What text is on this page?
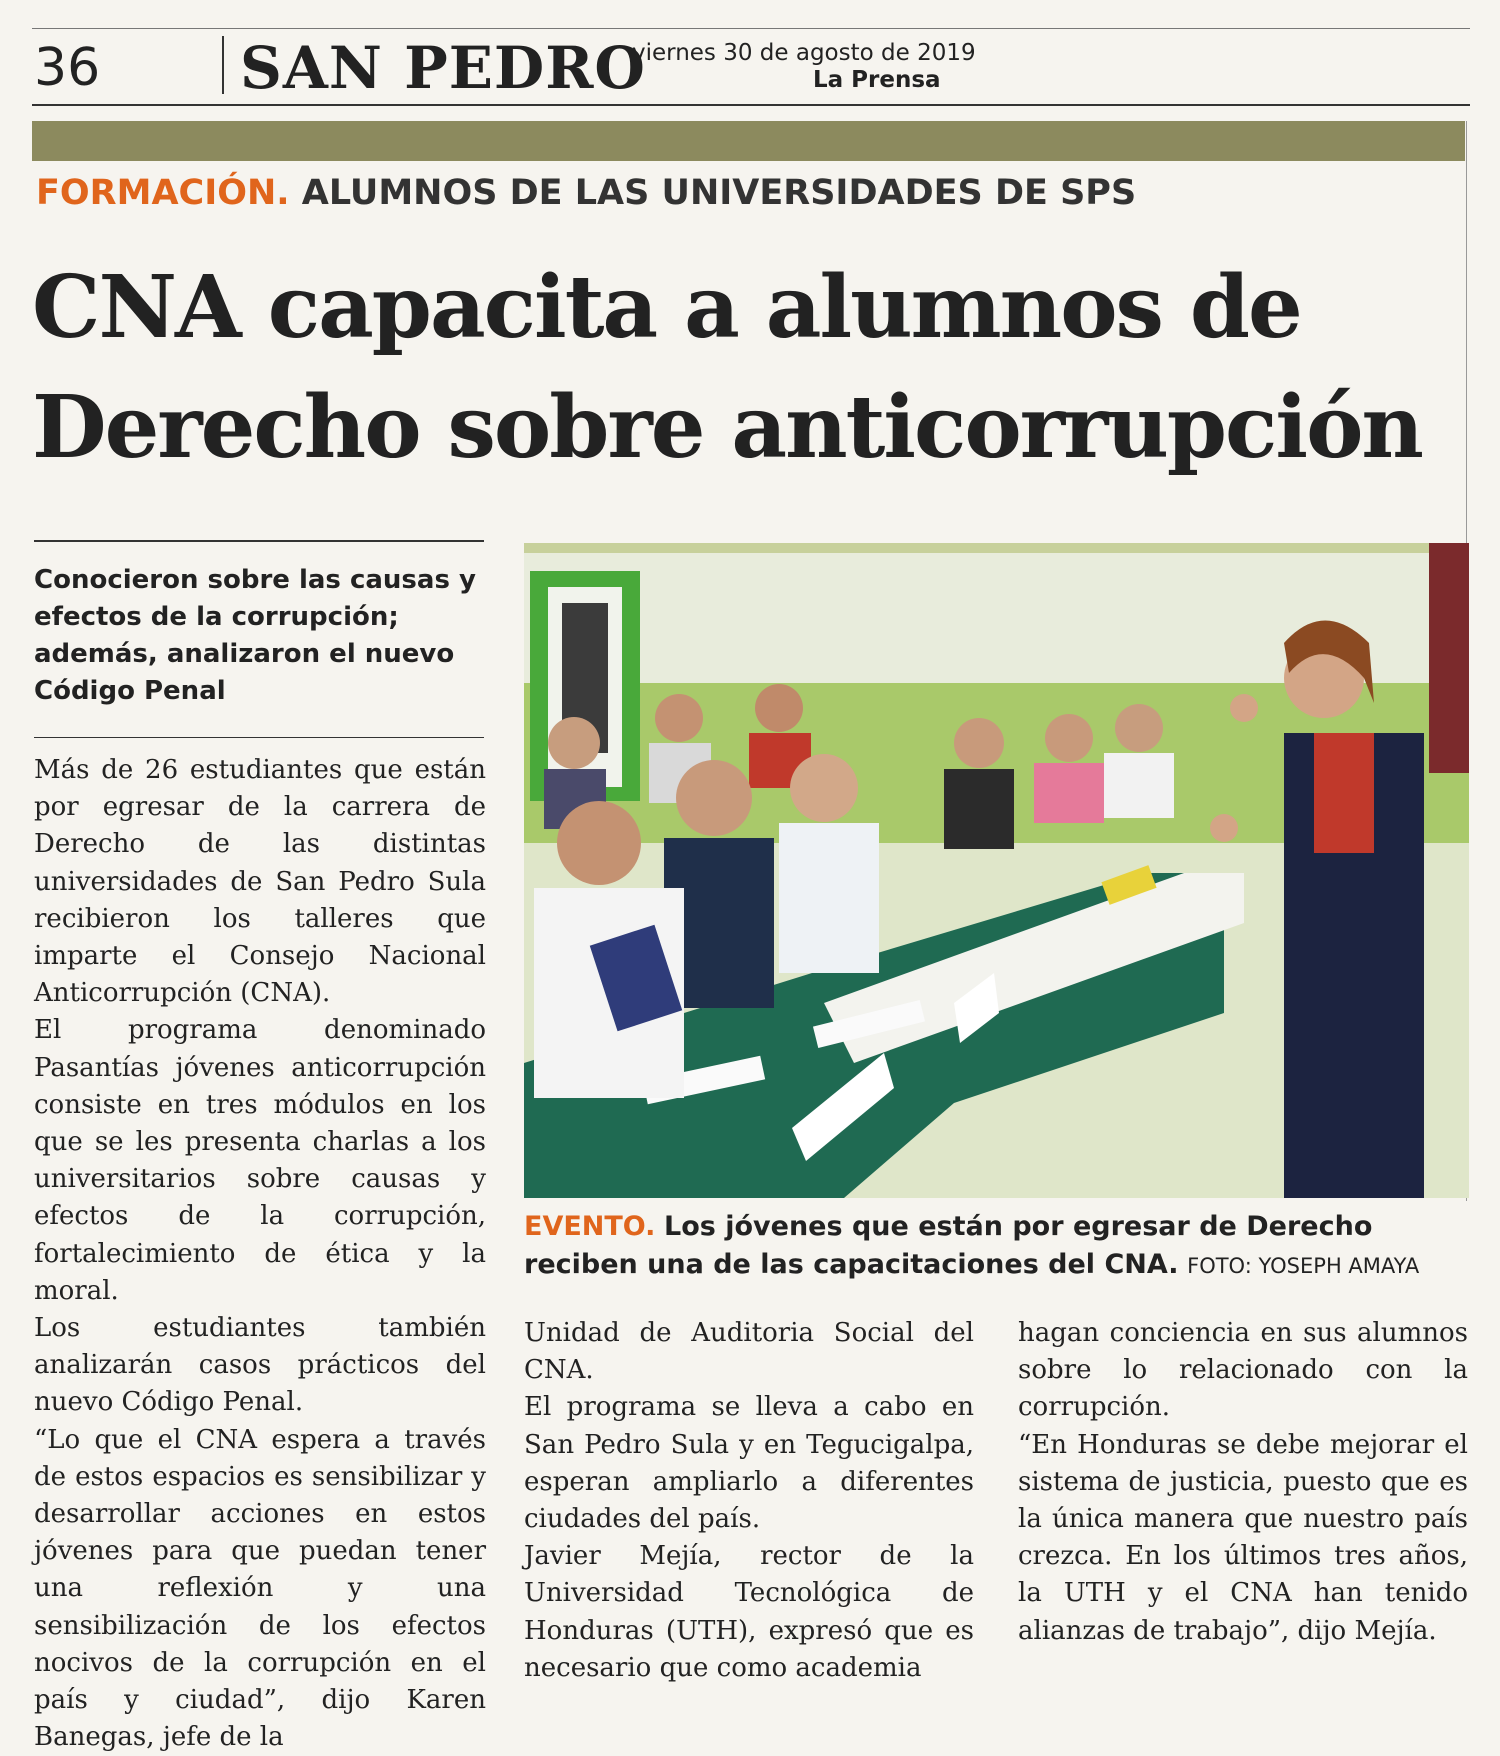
36 SAN PEDRO
viernes 30 de agosto de 2019
La Prensa
FORMACIÓN. ALUMNOS DE LAS UNIVERSIDADES DE SPS
CNA capacita a alumnos de
Derecho sobre anticorrupción
Conocieron sobre las causas y efectos de la corrupción; además, analizaron el nuevo Código Penal

Más de 26 estudiantes que están por egresar de la carrera de Derecho de las distintas universidades de San Pedro Sula recibieron los talleres que imparte el Consejo Nacional Anticorrupción (CNA).

El programa denominado Pasantías jóvenes anticorrupción consiste en tres módulos en los que se les presenta charlas a los universitarios sobre causas y efectos de la corrupción, fortalecimiento de ética y la moral.

Los estudiantes también analizarán casos prácticos del nuevo Código Penal.

“Lo que el CNA espera a través de estos espacios es sensibilizar y desarrollar acciones en estos jóvenes para que puedan tener una reflexión y una sensibilización de los efectos nocivos de la corrupción en el país y ciudad”, dijo Karen Banegas, jefe de la

EVENTO. Los jóvenes que están por egresar de Derecho reciben una de las capacitaciones del CNA. FOTO: YOSEPH AMAYA

Unidad de Auditoria Social del CNA.

El programa se lleva a cabo en San Pedro Sula y en Tegucigalpa, esperan ampliarlo a diferentes ciudades del país.

Javier Mejía, rector de la Universidad Tecnológica de Honduras (UTH), expresó que es necesario que como academia

hagan conciencia en sus alumnos sobre lo relacionado con la corrupción.

“En Honduras se debe mejorar el sistema de justicia, puesto que es la única manera que nuestro país crezca. En los últimos tres años, la UTH y el CNA han tenido alianzas de trabajo”, dijo Mejía.
